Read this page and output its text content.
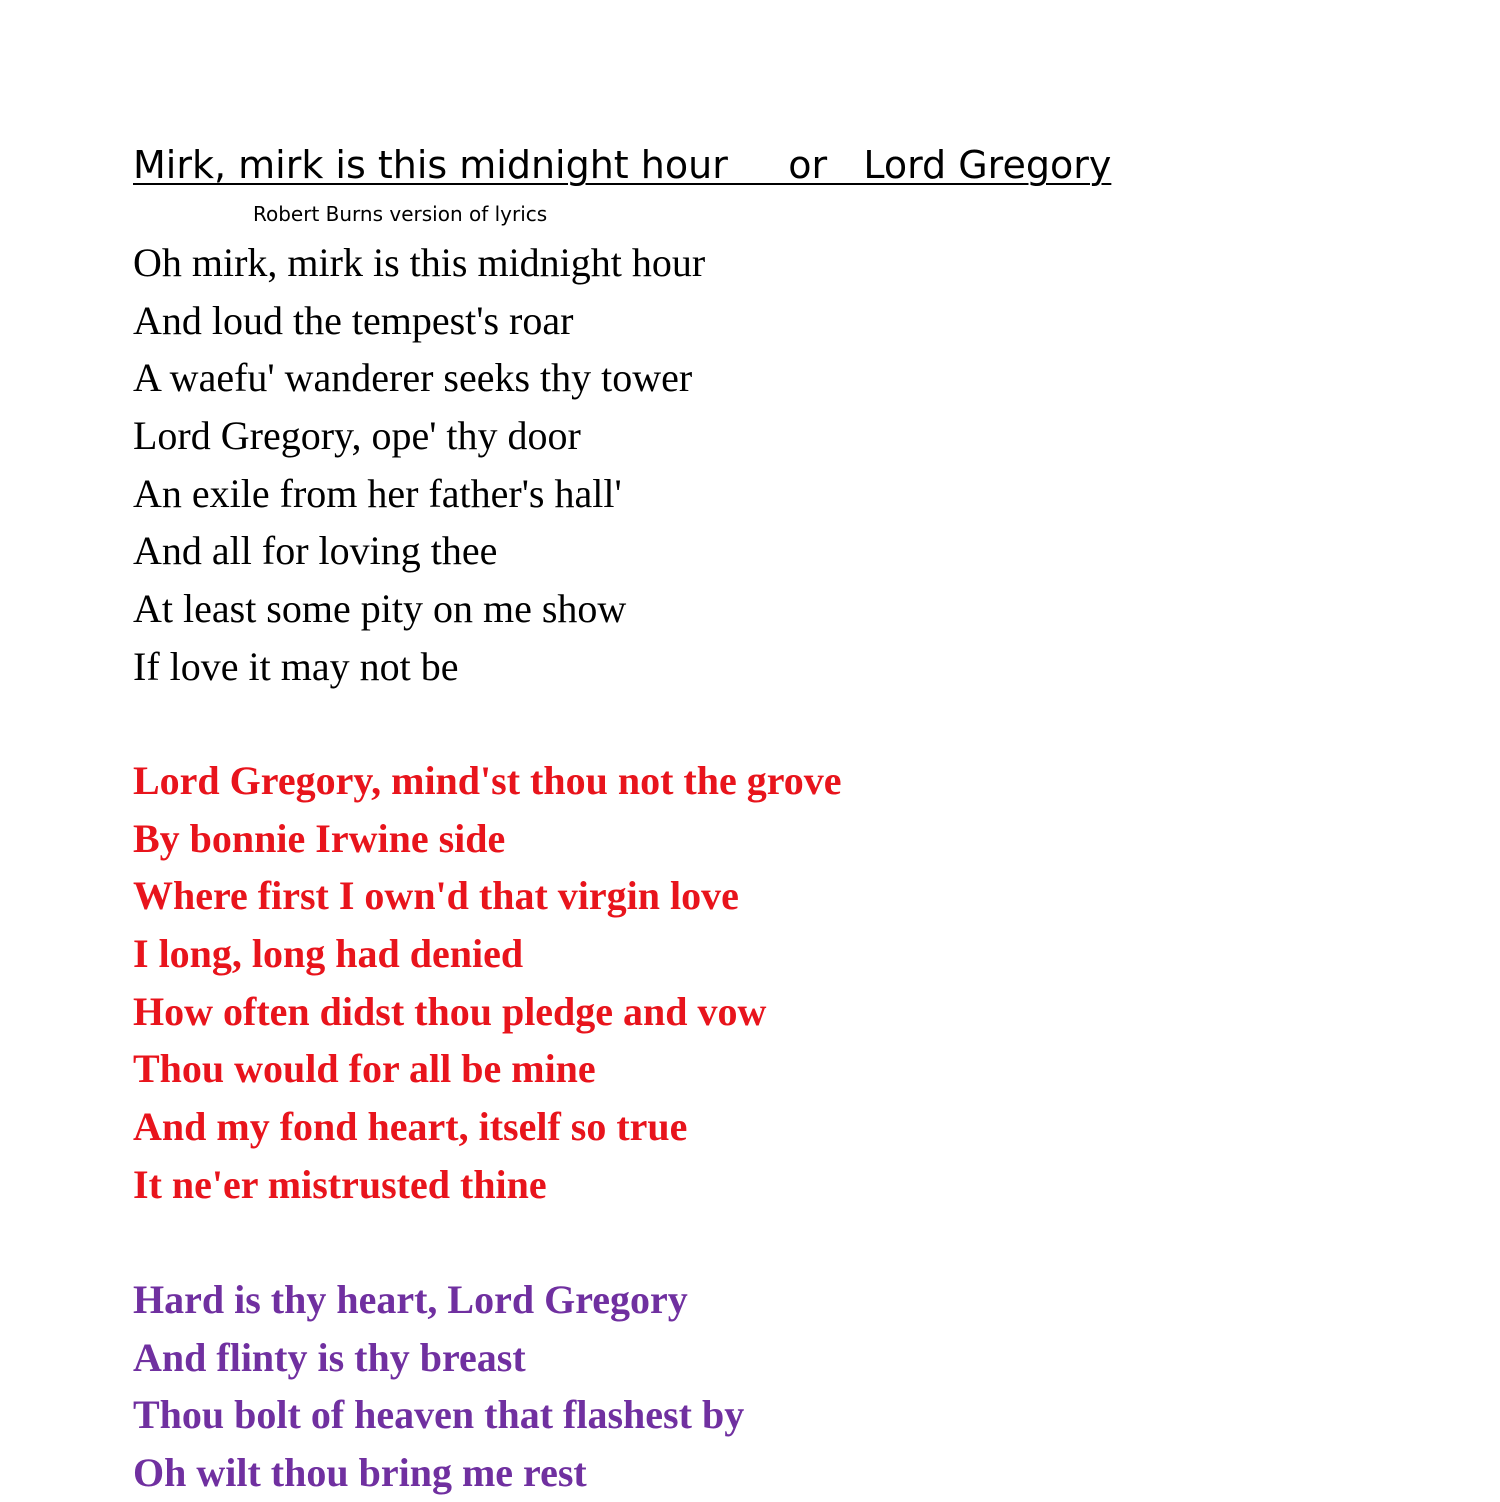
Mirk, mirk is this midnight hour     or   Lord Gregory
Robert Burns version of lyrics
Oh mirk, mirk is this midnight hour
And loud the tempest's roar
A waefu' wanderer seeks thy tower
Lord Gregory, ope' thy door
An exile from her father's hall'
And all for loving thee
At least some pity on me show
If love it may not be
Lord Gregory, mind'st thou not the grove
By bonnie Irwine side
Where first I own'd that virgin love
I long, long had denied
How often didst thou pledge and vow
Thou would for all be mine
And my fond heart, itself so true
It ne'er mistrusted thine
Hard is thy heart, Lord Gregory
And flinty is thy breast
Thou bolt of heaven that flashest by
Oh wilt thou bring me rest
